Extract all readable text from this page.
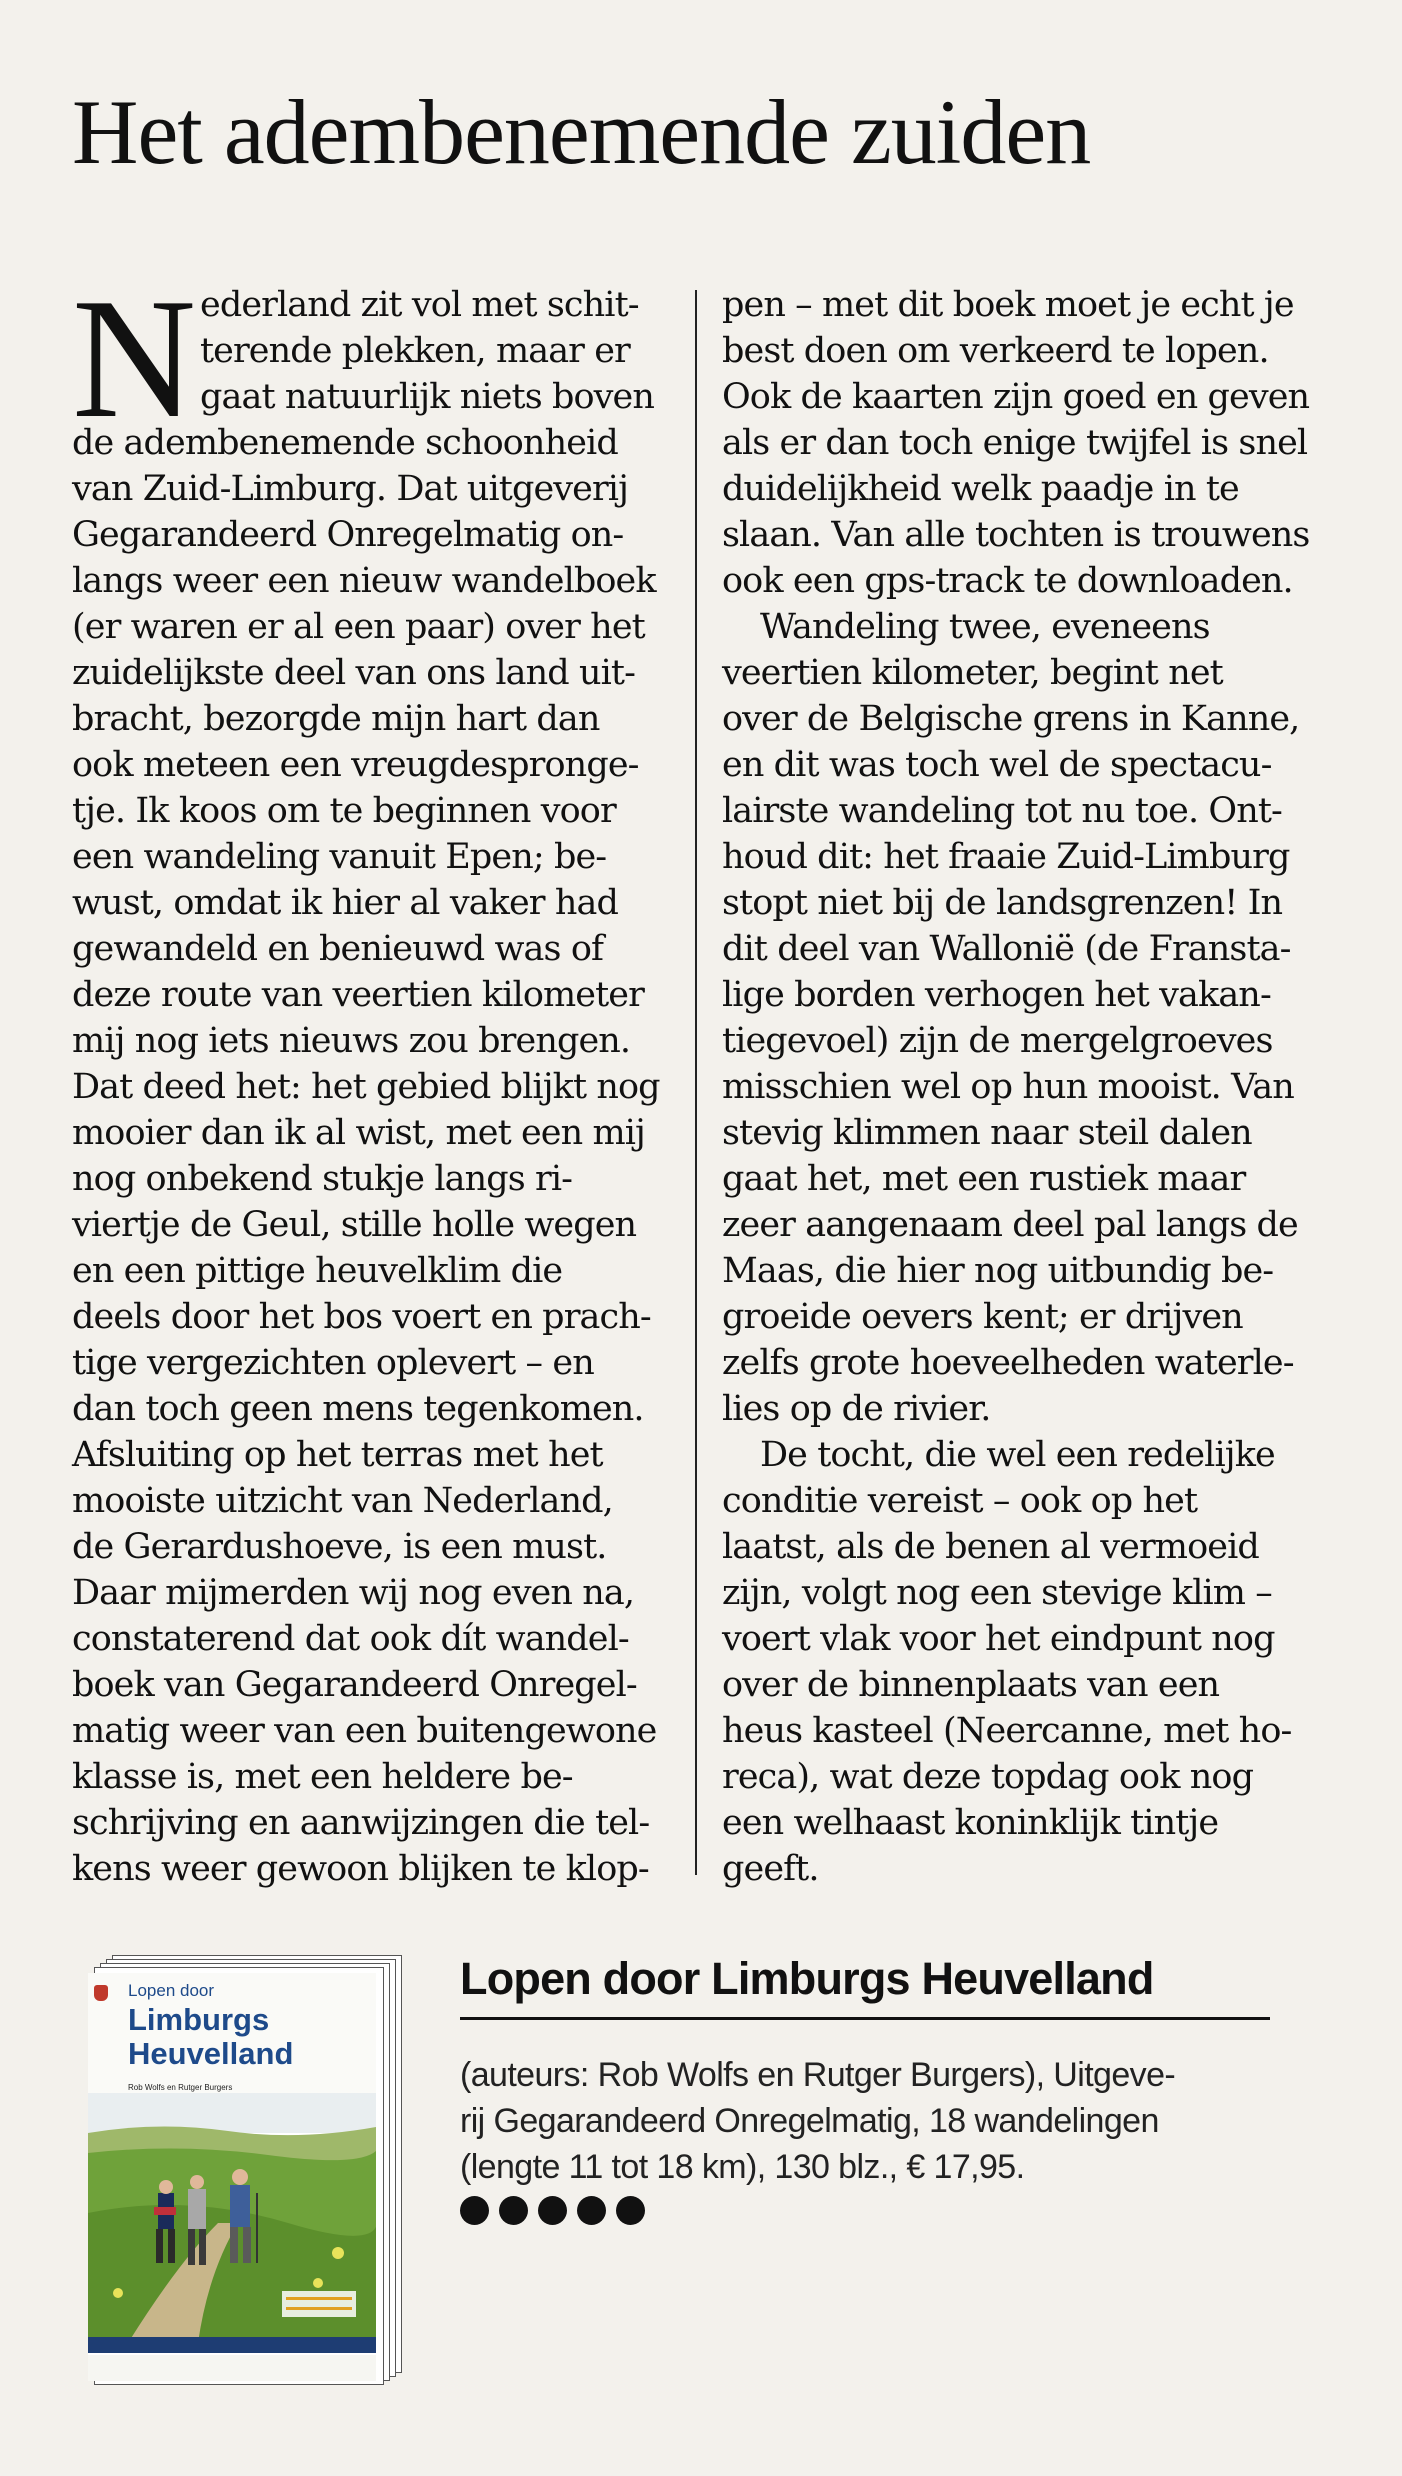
Het adembenemende zuiden
N ederland zit vol met schit-
terende plekken, maar er
gaat natuurlijk niets boven
de adembenemende schoonheid
van Zuid-Limburg. Dat uitgeverij
Gegarandeerd Onregelmatig on-
langs weer een nieuw wandelboek
(er waren er al een paar) over het
zuidelijkste deel van ons land uit-
bracht, bezorgde mijn hart dan
ook meteen een vreugdesprongе-
tje. Ik koos om te beginnen voor
een wandeling vanuit Epen; be-
wust, omdat ik hier al vaker had
gewandeld en benieuwd was of
deze route van veertien kilometer
mij nog iets nieuws zou brengen.
Dat deed het: het gebied blijkt nog
mooier dan ik al wist, met een mij
nog onbekend stukje langs ri-
viertje de Geul, stille holle wegen
en een pittige heuvelklim die
deels door het bos voert en prach-
tige vergezichten oplevert – en
dan toch geen mens tegenkomen.
Afsluiting op het terras met het
mooiste uitzicht van Nederland,
de Gerardushoeve, is een must.
Daar mijmerden wij nog even na,
constaterend dat ook dít wandel-
boek van Gegarandeerd Onregel-
matig weer van een buitengewone
klasse is, met een heldere be-
schrijving en aanwijzingen die tel-
kens weer gewoon blijken te klop-
pen – met dit boek moet je echt je
best doen om verkeerd te lopen.
Ook de kaarten zijn goed en geven
als er dan toch enige twijfel is snel
duidelijkheid welk paadje in te
slaan. Van alle tochten is trouwens
ook een gps-track te downloaden.
Wandeling twee, eveneens
veertien kilometer, begint net
over de Belgische grens in Kanne,
en dit was toch wel de spectacu-
lairste wandeling tot nu toe. Ont-
houd dit: het fraaie Zuid-Limburg
stopt niet bij de landsgrenzen! In
dit deel van Wallonië (de Fransta-
lige borden verhogen het vakan-
tiegevoel) zijn de mergelgroeves
misschien wel op hun mooist. Van
stevig klimmen naar steil dalen
gaat het, met een rustiek maar
zeer aangenaam deel pal langs de
Maas, die hier nog uitbundig be-
groeide oevers kent; er drijven
zelfs grote hoeveelheden waterle-
lies op de rivier.
De tocht, die wel een redelijke
conditie vereist – ook op het
laatst, als de benen al vermoeid
zijn, volgt nog een stevige klim –
voert vlak voor het eindpunt nog
over de binnenplaats van een
heus kasteel (Neercanne, met ho-
reca), wat deze topdag ook nog
een welhaast koninklijk tintje
geeft.
Lopen door
Limburgs
Heuvelland
Rob Wolfs en Rutger Burgers
Lopen door Limburgs Heuvelland
(auteurs: Rob Wolfs en Rutger Burgers), Uitgeve-
rij Gegarandeerd Onregelmatig, 18 wandelingen
(lengte 11 tot 18 km), 130 blz., € 17,95.
